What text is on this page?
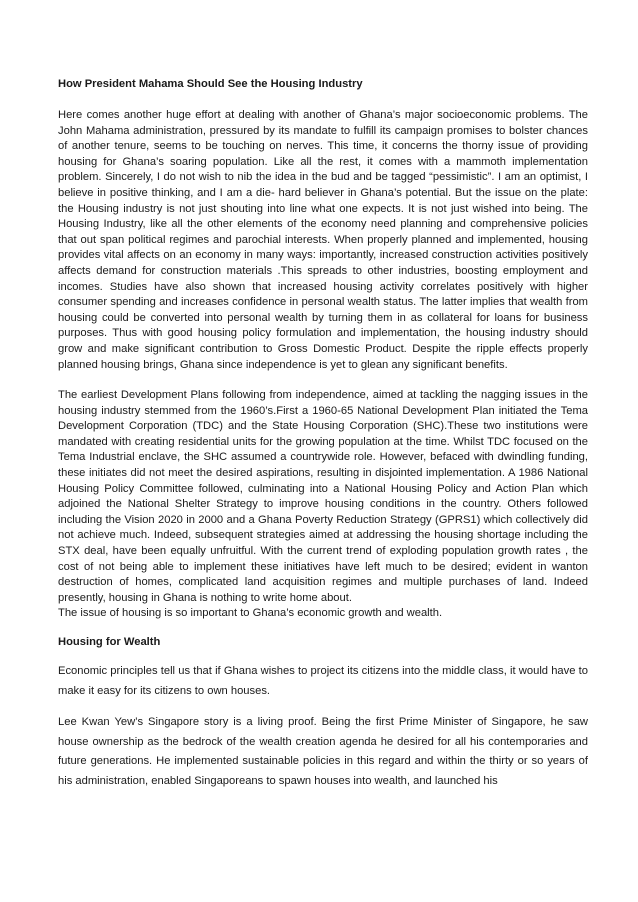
How President Mahama Should See the Housing Industry

Here comes another huge effort at dealing with another of Ghana’s major socioeconomic problems. The John Mahama administration, pressured by its mandate to fulfill its campaign promises to bolster chances of another tenure, seems to be touching on nerves. This time, it concerns the thorny issue of providing housing for Ghana’s soaring population. Like all the rest, it comes with a mammoth implementation problem. Sincerely, I do not wish to nib the idea in the bud and be tagged “pessimistic”. I am an optimist, I believe in positive thinking, and I am a die- hard believer in Ghana’s potential. But the issue on the plate: the Housing industry is not just shouting into line what one expects. It is not just wished into being. The Housing Industry, like all the other elements of the economy need planning and comprehensive policies that out span political regimes and parochial interests. When properly planned and implemented, housing provides vital affects on an economy in many ways: importantly, increased construction activities positively affects demand for construction materials .This spreads to other industries, boosting employment and incomes. Studies have also shown that increased housing activity correlates positively with higher consumer spending and increases confidence in personal wealth status. The latter implies that wealth from housing could be converted into personal wealth by turning them in as collateral for loans for business purposes. Thus with good housing policy formulation and implementation, the housing industry should grow and make significant contribution to Gross Domestic Product. Despite the ripple effects properly planned housing brings, Ghana since independence is yet to glean any significant benefits.

The earliest Development Plans following from independence, aimed at tackling the nagging issues in the housing industry stemmed from the 1960’s.First a 1960-65 National Development Plan initiated the Tema Development Corporation (TDC) and the State Housing Corporation (SHC).These two institutions were mandated with creating residential units for the growing population at the time. Whilst TDC focused on the Tema Industrial enclave, the SHC assumed a countrywide role. However, befaced with dwindling funding, these initiates did not meet the desired aspirations, resulting in disjointed implementation. A 1986 National Housing Policy Committee followed, culminating into a National Housing Policy and Action Plan which adjoined the National Shelter Strategy to improve housing conditions in the country. Others followed including the Vision 2020 in 2000 and a Ghana Poverty Reduction Strategy (GPRS1) which collectively did not achieve much. Indeed, subsequent strategies aimed at addressing the housing shortage including the STX deal, have been equally unfruitful. With the current trend of exploding population growth rates , the cost of not being able to implement these initiatives have left much to be desired; evident in wanton destruction of homes, complicated land acquisition regimes and multiple purchases of land. Indeed presently, housing in Ghana is nothing to write home about.

The issue of housing is so important to Ghana’s economic growth and wealth.

Housing for Wealth

Economic principles tell us that if Ghana wishes to project its citizens into the middle class, it would have to make it easy for its citizens to own houses.

Lee Kwan Yew’s Singapore story is a living proof. Being the first Prime Minister of Singapore, he saw house ownership as the bedrock of the wealth creation agenda he desired for all his contemporaries and future generations. He implemented sustainable policies in this regard and within the thirty or so years of his administration, enabled Singaporeans to spawn houses into wealth, and launched his
